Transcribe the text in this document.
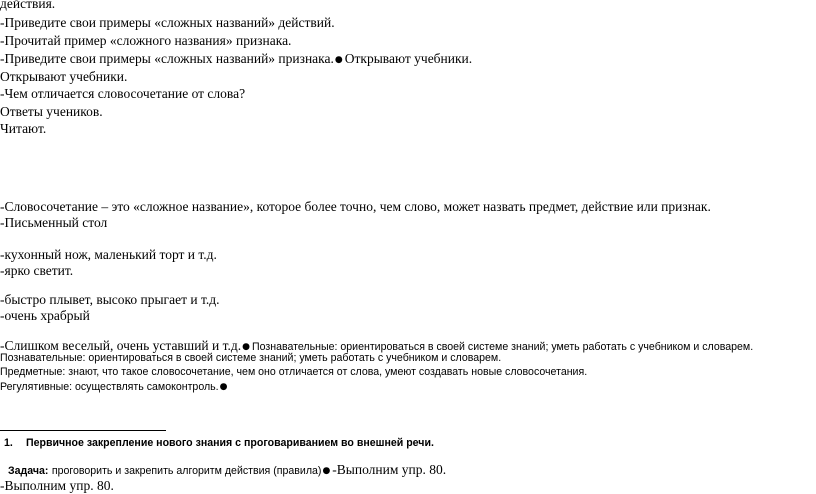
действия.
-Приведите свои примеры «сложных названий» действий.
-Прочитай пример «сложного названия» признака.
-Приведите свои примеры «сложных названий» признака.● Открывают учебники.
Открывают учебники.
-Чем отличается словосочетание от слова?
Ответы учеников.
Читают.
-Словосочетание – это «сложное название», которое более точно, чем слово, может назвать предмет, действие или признак.
-Письменный стол
-кухонный нож, маленький торт и т.д.
-ярко светит.
-быстро плывет, высоко прыгает и т.д.
-очень храбрый
-Слишком веселый, очень уставший и т.д.● Познавательные: ориентироваться в своей системе знаний; уметь работать с учебником и словарем.
Познавательные: ориентироваться в своей системе знаний; уметь работать с учебником и словарем.
Предметные: знают, что такое словосочетание, чем оно отличается от слова, умеют создавать новые словосочетания.
Регулятивные: осуществлять самоконтроль.●
1. Первичное закрепление нового знания с проговариванием во внешней речи.
Задача: проговорить и закрепить алгоритм действия (правила)● -Выполним упр. 80.
-Выполним упр. 80.
